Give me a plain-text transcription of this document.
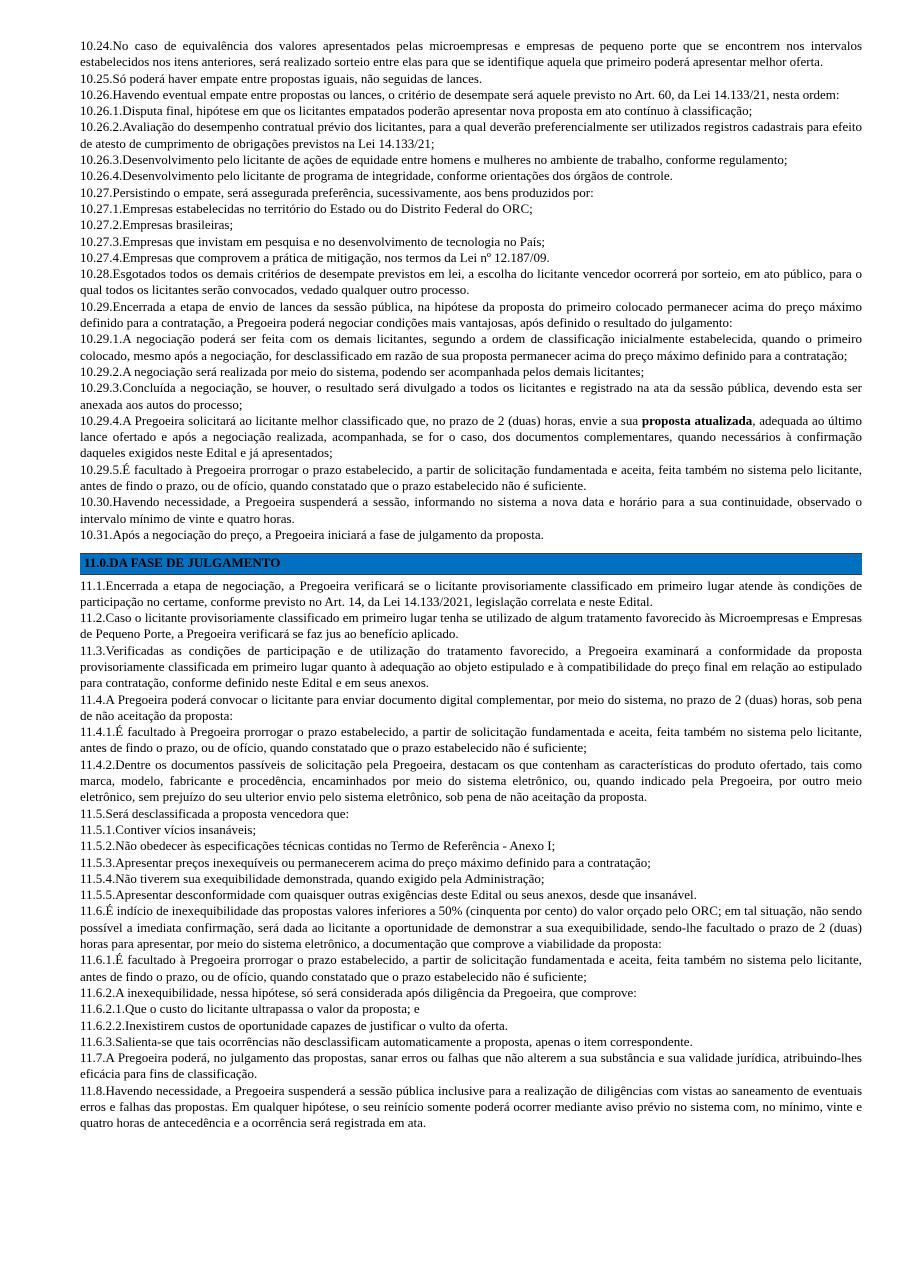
10.24.No caso de equivalência dos valores apresentados pelas microempresas e empresas de pequeno porte que se encontrem nos intervalos estabelecidos nos itens anteriores, será realizado sorteio entre elas para que se identifique aquela que primeiro poderá apresentar melhor oferta.

10.25.Só poderá haver empate entre propostas iguais, não seguidas de lances.

10.26.Havendo eventual empate entre propostas ou lances, o critério de desempate será aquele previsto no Art. 60, da Lei 14.133/21, nesta ordem:

10.26.1.Disputa final, hipótese em que os licitantes empatados poderão apresentar nova proposta em ato contínuo à classificação;

10.26.2.Avaliação do desempenho contratual prévio dos licitantes, para a qual deverão preferencialmente ser utilizados registros cadastrais para efeito de atesto de cumprimento de obrigações previstos na Lei 14.133/21;

10.26.3.Desenvolvimento pelo licitante de ações de equidade entre homens e mulheres no ambiente de trabalho, conforme regulamento;

10.26.4.Desenvolvimento pelo licitante de programa de integridade, conforme orientações dos órgãos de controle.

10.27.Persistindo o empate, será assegurada preferência, sucessivamente, aos bens produzidos por:

10.27.1.Empresas estabelecidas no território do Estado ou do Distrito Federal do ORC;

10.27.2.Empresas brasileiras;

10.27.3.Empresas que invistam em pesquisa e no desenvolvimento de tecnologia no País;

10.27.4.Empresas que comprovem a prática de mitigação, nos termos da Lei nº 12.187/09.

10.28.Esgotados todos os demais critérios de desempate previstos em lei, a escolha do licitante vencedor ocorrerá por sorteio, em ato público, para o qual todos os licitantes serão convocados, vedado qualquer outro processo.

10.29.Encerrada a etapa de envio de lances da sessão pública, na hipótese da proposta do primeiro colocado permanecer acima do preço máximo definido para a contratação, a Pregoeira poderá negociar condições mais vantajosas, após definido o resultado do julgamento:

10.29.1.A negociação poderá ser feita com os demais licitantes, segundo a ordem de classificação inicialmente estabelecida, quando o primeiro colocado, mesmo após a negociação, for desclassificado em razão de sua proposta permanecer acima do preço máximo definido para a contratação;

10.29.2.A negociação será realizada por meio do sistema, podendo ser acompanhada pelos demais licitantes;

10.29.3.Concluída a negociação, se houver, o resultado será divulgado a todos os licitantes e registrado na ata da sessão pública, devendo esta ser anexada aos autos do processo;

10.29.4.A Pregoeira solicitará ao licitante melhor classificado que, no prazo de 2 (duas) horas, envie a sua proposta atualizada, adequada ao último lance ofertado e após a negociação realizada, acompanhada, se for o caso, dos documentos complementares, quando necessários à confirmação daqueles exigidos neste Edital e já apresentados;

10.29.5.É facultado à Pregoeira prorrogar o prazo estabelecido, a partir de solicitação fundamentada e aceita, feita também no sistema pelo licitante, antes de findo o prazo, ou de ofício, quando constatado que o prazo estabelecido não é suficiente.

10.30.Havendo necessidade, a Pregoeira suspenderá a sessão, informando no sistema a nova data e horário para a sua continuidade, observado o intervalo mínimo de vinte e quatro horas.

10.31.Após a negociação do preço, a Pregoeira iniciará a fase de julgamento da proposta.

11.0.DA FASE DE JULGAMENTO

11.1.Encerrada a etapa de negociação, a Pregoeira verificará se o licitante provisoriamente classificado em primeiro lugar atende às condições de participação no certame, conforme previsto no Art. 14, da Lei 14.133/2021, legislação correlata e neste Edital.

11.2.Caso o licitante provisoriamente classificado em primeiro lugar tenha se utilizado de algum tratamento favorecido às Microempresas e Empresas de Pequeno Porte, a Pregoeira verificará se faz jus ao benefício aplicado.

11.3.Verificadas as condições de participação e de utilização do tratamento favorecido, a Pregoeira examinará a conformidade da proposta provisoriamente classificada em primeiro lugar quanto à adequação ao objeto estipulado e à compatibilidade do preço final em relação ao estipulado para contratação, conforme definido neste Edital e em seus anexos.

11.4.A Pregoeira poderá convocar o licitante para enviar documento digital complementar, por meio do sistema, no prazo de 2 (duas) horas, sob pena de não aceitação da proposta:

11.4.1.É facultado à Pregoeira prorrogar o prazo estabelecido, a partir de solicitação fundamentada e aceita, feita também no sistema pelo licitante, antes de findo o prazo, ou de ofício, quando constatado que o prazo estabelecido não é suficiente;

11.4.2.Dentre os documentos passíveis de solicitação pela Pregoeira, destacam os que contenham as características do produto ofertado, tais como marca, modelo, fabricante e procedência, encaminhados por meio do sistema eletrônico, ou, quando indicado pela Pregoeira, por outro meio eletrônico, sem prejuízo do seu ulterior envio pelo sistema eletrônico, sob pena de não aceitação da proposta.

11.5.Será desclassificada a proposta vencedora que:

11.5.1.Contiver vícios insanáveis;

11.5.2.Não obedecer às especificações técnicas contidas no Termo de Referência - Anexo I;

11.5.3.Apresentar preços inexequíveis ou permanecerem acima do preço máximo definido para a contratação;

11.5.4.Não tiverem sua exequibilidade demonstrada, quando exigido pela Administração;

11.5.5.Apresentar desconformidade com quaisquer outras exigências deste Edital ou seus anexos, desde que insanável.

11.6.É indício de inexequibilidade das propostas valores inferiores a 50% (cinquenta por cento) do valor orçado pelo ORC; em tal situação, não sendo possível a imediata confirmação, será dada ao licitante a oportunidade de demonstrar a sua exequibilidade, sendo-lhe facultado o prazo de 2 (duas) horas para apresentar, por meio do sistema eletrônico, a documentação que comprove a viabilidade da proposta:

11.6.1.É facultado à Pregoeira prorrogar o prazo estabelecido, a partir de solicitação fundamentada e aceita, feita também no sistema pelo licitante, antes de findo o prazo, ou de ofício, quando constatado que o prazo estabelecido não é suficiente;

11.6.2.A inexequibilidade, nessa hipótese, só será considerada após diligência da Pregoeira, que comprove:

11.6.2.1.Que o custo do licitante ultrapassa o valor da proposta; e

11.6.2.2.Inexistirem custos de oportunidade capazes de justificar o vulto da oferta.

11.6.3.Salienta-se que tais ocorrências não desclassificam automaticamente a proposta, apenas o item correspondente.

11.7.A Pregoeira poderá, no julgamento das propostas, sanar erros ou falhas que não alterem a sua substância e sua validade jurídica, atribuindo-lhes eficácia para fins de classificação.

11.8.Havendo necessidade, a Pregoeira suspenderá a sessão pública inclusive para a realização de diligências com vistas ao saneamento de eventuais erros e falhas das propostas. Em qualquer hipótese, o seu reinício somente poderá ocorrer mediante aviso prévio no sistema com, no mínimo, vinte e quatro horas de antecedência e a ocorrência será registrada em ata.
